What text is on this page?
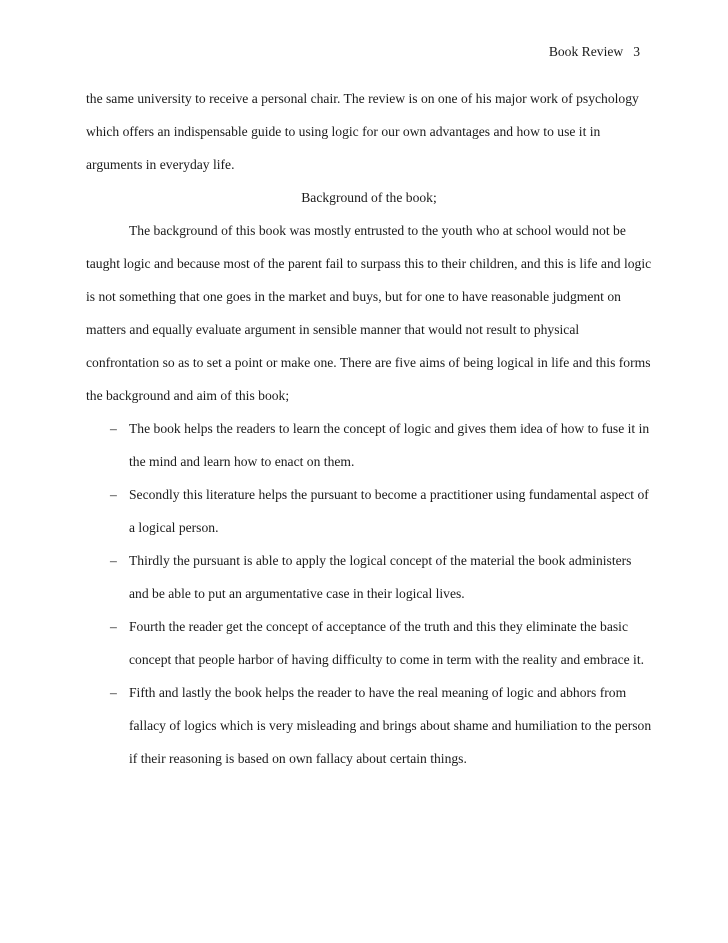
Book Review 3

the same university to receive a personal chair. The review is on one of his major work of psychology which offers an indispensable guide to using logic for our own advantages and how to use it in arguments in everyday life.

Background of the book;

The background of this book was mostly entrusted to the youth who at school would not be taught logic and because most of the parent fail to surpass this to their children, and this is life and logic is not something that one goes in the market and buys, but for one to have reasonable judgment on matters and equally evaluate argument in sensible manner that would not result to physical confrontation so as to set a point or make one. There are five aims of being logical in life and this forms the background and aim of this book;

– The book helps the readers to learn the concept of logic and gives them idea of how to fuse it in the mind and learn how to enact on them.
– Secondly this literature helps the pursuant to become a practitioner using fundamental aspect of a logical person.
– Thirdly the pursuant is able to apply the logical concept of the material the book administers and be able to put an argumentative case in their logical lives.
– Fourth the reader get the concept of acceptance of the truth and this they eliminate the basic concept that people harbor of having difficulty to come in term with the reality and embrace it.
– Fifth and lastly the book helps the reader to have the real meaning of logic and abhors from fallacy of logics which is very misleading and brings about shame and humiliation to the person if their reasoning is based on own fallacy about certain things.
